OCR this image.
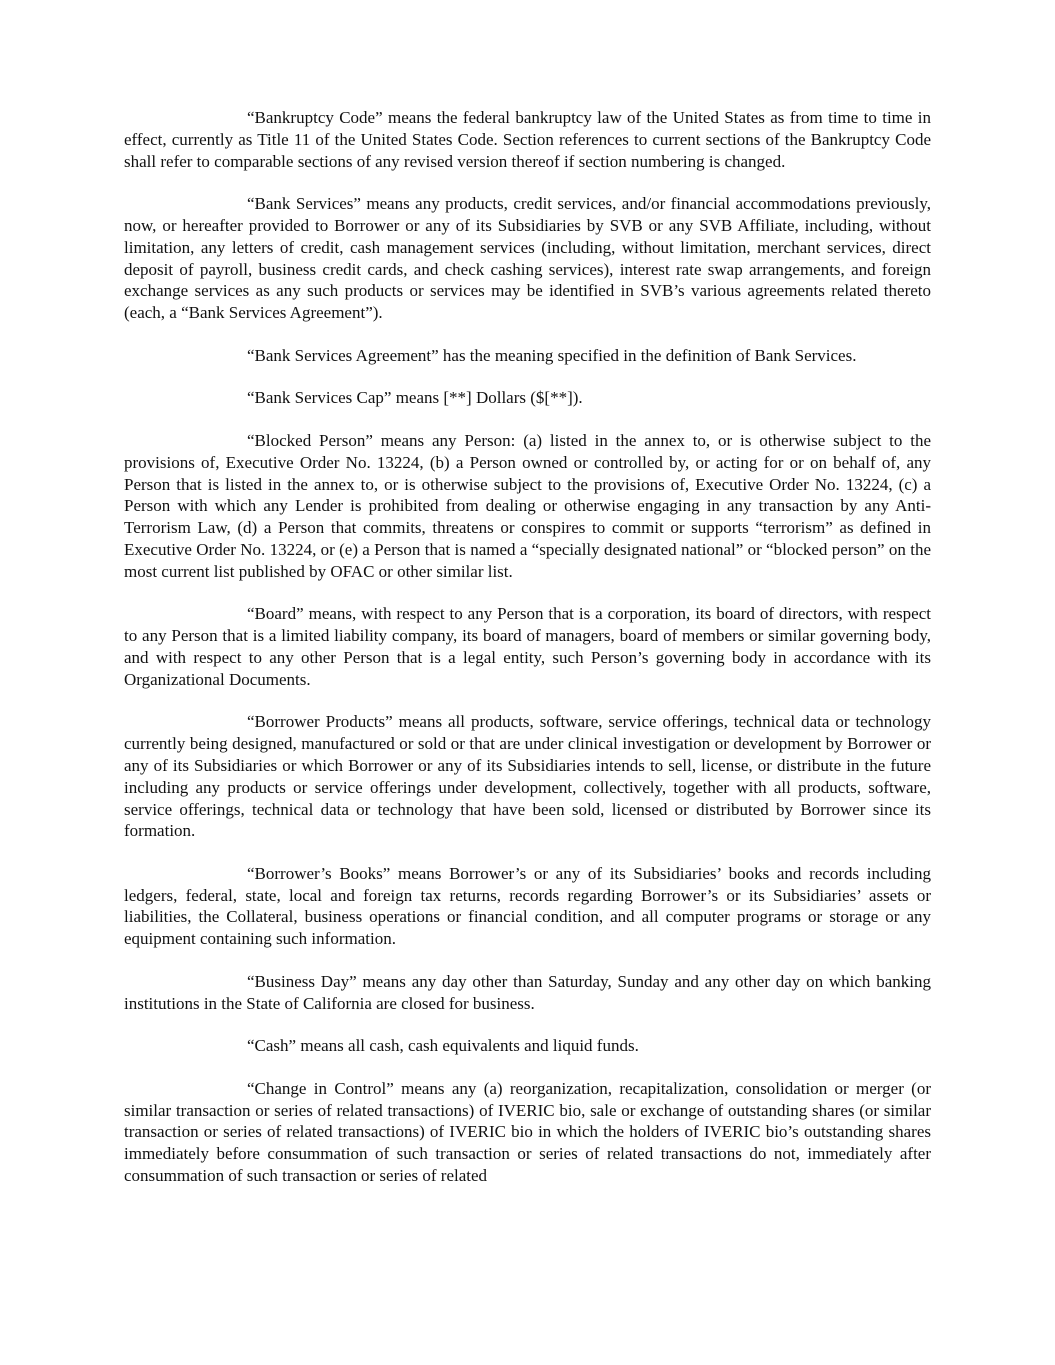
“Bankruptcy Code” means the federal bankruptcy law of the United States as from time to time in effect, currently as Title 11 of the United States Code. Section references to current sections of the Bankruptcy Code shall refer to comparable sections of any revised version thereof if section numbering is changed.

“Bank Services” means any products, credit services, and/or financial accommodations previously, now, or hereafter provided to Borrower or any of its Subsidiaries by SVB or any SVB Affiliate, including, without limitation, any letters of credit, cash management services (including, without limitation, merchant services, direct deposit of payroll, business credit cards, and check cashing services), interest rate swap arrangements, and foreign exchange services as any such products or services may be identified in SVB’s various agreements related thereto (each, a “Bank Services Agreement”).

“Bank Services Agreement” has the meaning specified in the definition of Bank Services.

“Bank Services Cap” means [**] Dollars ($[**]).

“Blocked Person” means any Person: (a) listed in the annex to, or is otherwise subject to the provisions of, Executive Order No. 13224, (b) a Person owned or controlled by, or acting for or on behalf of, any Person that is listed in the annex to, or is otherwise subject to the provisions of, Executive Order No. 13224, (c) a Person with which any Lender is prohibited from dealing or otherwise engaging in any transaction by any Anti-Terrorism Law, (d) a Person that commits, threatens or conspires to commit or supports “terrorism” as defined in Executive Order No. 13224, or (e) a Person that is named a “specially designated national” or “blocked person” on the most current list published by OFAC or other similar list.

“Board” means, with respect to any Person that is a corporation, its board of directors, with respect to any Person that is a limited liability company, its board of managers, board of members or similar governing body, and with respect to any other Person that is a legal entity, such Person’s governing body in accordance with its Organizational Documents.

“Borrower Products” means all products, software, service offerings, technical data or technology currently being designed, manufactured or sold or that are under clinical investigation or development by Borrower or any of its Subsidiaries or which Borrower or any of its Subsidiaries intends to sell, license, or distribute in the future including any products or service offerings under development, collectively, together with all products, software, service offerings, technical data or technology that have been sold, licensed or distributed by Borrower since its formation.

“Borrower’s Books” means Borrower’s or any of its Subsidiaries’ books and records including ledgers, federal, state, local and foreign tax returns, records regarding Borrower’s or its Subsidiaries’ assets or liabilities, the Collateral, business operations or financial condition, and all computer programs or storage or any equipment containing such information.

“Business Day” means any day other than Saturday, Sunday and any other day on which banking institutions in the State of California are closed for business.

“Cash” means all cash, cash equivalents and liquid funds.

“Change in Control” means any (a) reorganization, recapitalization, consolidation or merger (or similar transaction or series of related transactions) of IVERIC bio, sale or exchange of outstanding shares (or similar transaction or series of related transactions) of IVERIC bio in which the holders of IVERIC bio’s outstanding shares immediately before consummation of such transaction or series of related transactions do not, immediately after consummation of such transaction or series of related
